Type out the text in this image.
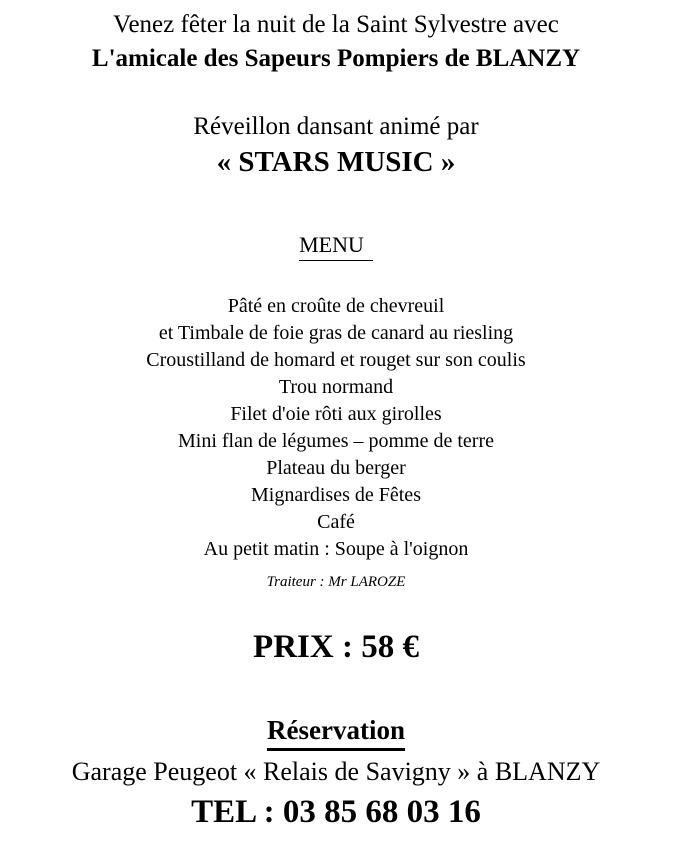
Venez fêter la nuit de la Saint Sylvestre avec
L'amicale des Sapeurs Pompiers de BLANZY
Réveillon dansant animé par
« STARS MUSIC »
MENU
Pâté en croûte de chevreuil
et Timbale de foie gras de canard au riesling
Croustilland de homard et rouget sur son coulis
Trou normand
Filet d'oie rôti aux girolles
Mini flan de légumes – pomme de terre
Plateau du berger
Mignardises de Fêtes
Café
Au petit matin : Soupe à l'oignon
Traiteur : Mr LAROZE
PRIX : 58 €
Réservation
Garage Peugeot « Relais de Savigny » à BLANZY
TEL : 03 85 68 03 16
